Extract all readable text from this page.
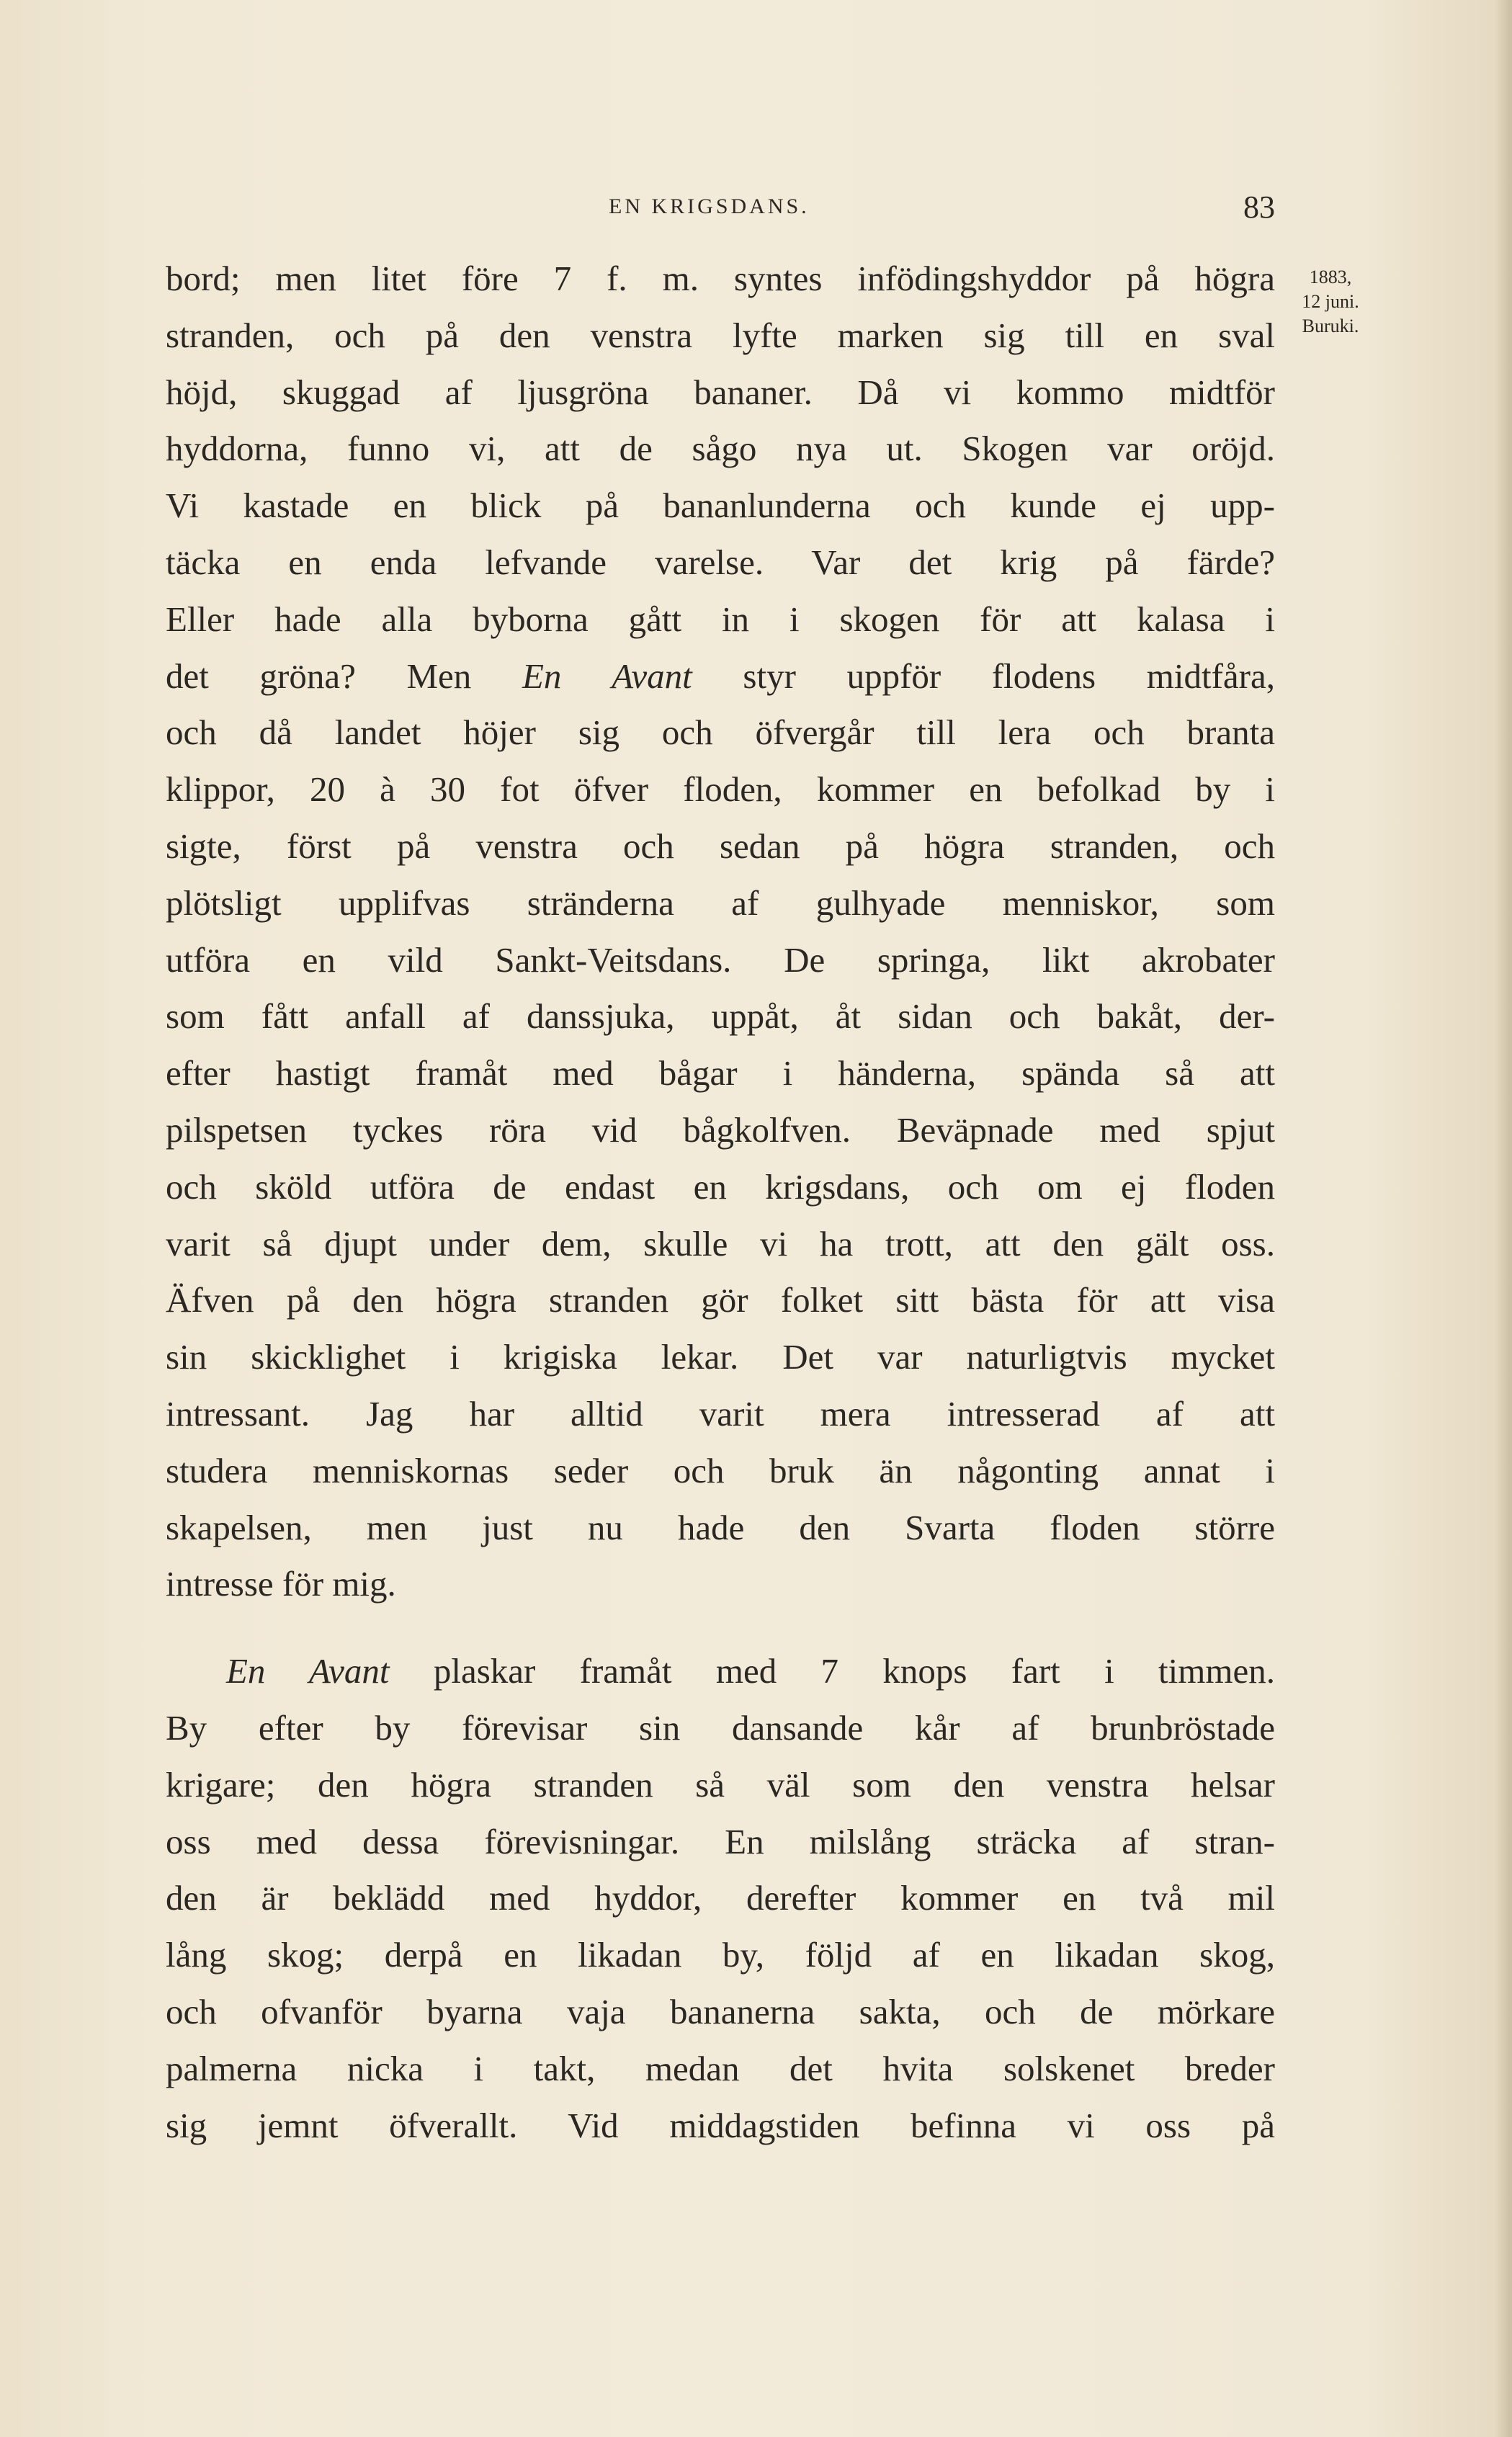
EN KRIGSDANS.	83
1883,
12 juni.
Buruki.
bord; men litet före 7 f. m. syntes infödingshyddor på högra
stranden, och på den venstra lyfte marken sig till en sval
höjd, skuggad af ljusgröna bananer. Då vi kommo midtför
hyddorna, funno vi, att de sågo nya ut. Skogen var oröjd.
Vi kastade en blick på bananlunderna och kunde ej upp-
täcka en enda lefvande varelse. Var det krig på färde?
Eller hade alla byborna gått in i skogen för att kalasa i
det gröna? Men En Avant styr uppför flodens midtfåra,
och då landet höjer sig och öfvergår till lera och branta
klippor, 20 à 30 fot öfver floden, kommer en befolkad by i
sigte, först på venstra och sedan på högra stranden, och
plötsligt upplifvas stränderna af gulhyade menniskor, som
utföra en vild Sankt-Veitsdans. De springa, likt akrobater
som fått anfall af danssjuka, uppåt, åt sidan och bakåt, der-
efter hastigt framåt med bågar i händerna, spända så att
pilspetsen tyckes röra vid bågkolfven. Beväpnade med spjut
och sköld utföra de endast en krigsdans, och om ej floden
varit så djupt under dem, skulle vi ha trott, att den gält oss.
Äfven på den högra stranden gör folket sitt bästa för att visa
sin skicklighet i krigiska lekar. Det var naturligtvis mycket
intressant. Jag har alltid varit mera intresserad af att
studera menniskornas seder och bruk än någonting annat i
skapelsen, men just nu hade den Svarta floden större
intresse för mig.
En Avant plaskar framåt med 7 knops fart i timmen.
By efter by förevisar sin dansande kår af brunbröstade
krigare; den högra stranden så väl som den venstra helsar
oss med dessa förevisningar. En milslång sträcka af stran-
den är beklädd med hyddor, derefter kommer en två mil
lång skog; derpå en likadan by, följd af en likadan skog,
och ofvanför byarna vaja bananerna sakta, och de mörkare
palmerna nicka i takt, medan det hvita solskenet breder
sig jemnt öfverallt. Vid middagstiden befinna vi oss på
